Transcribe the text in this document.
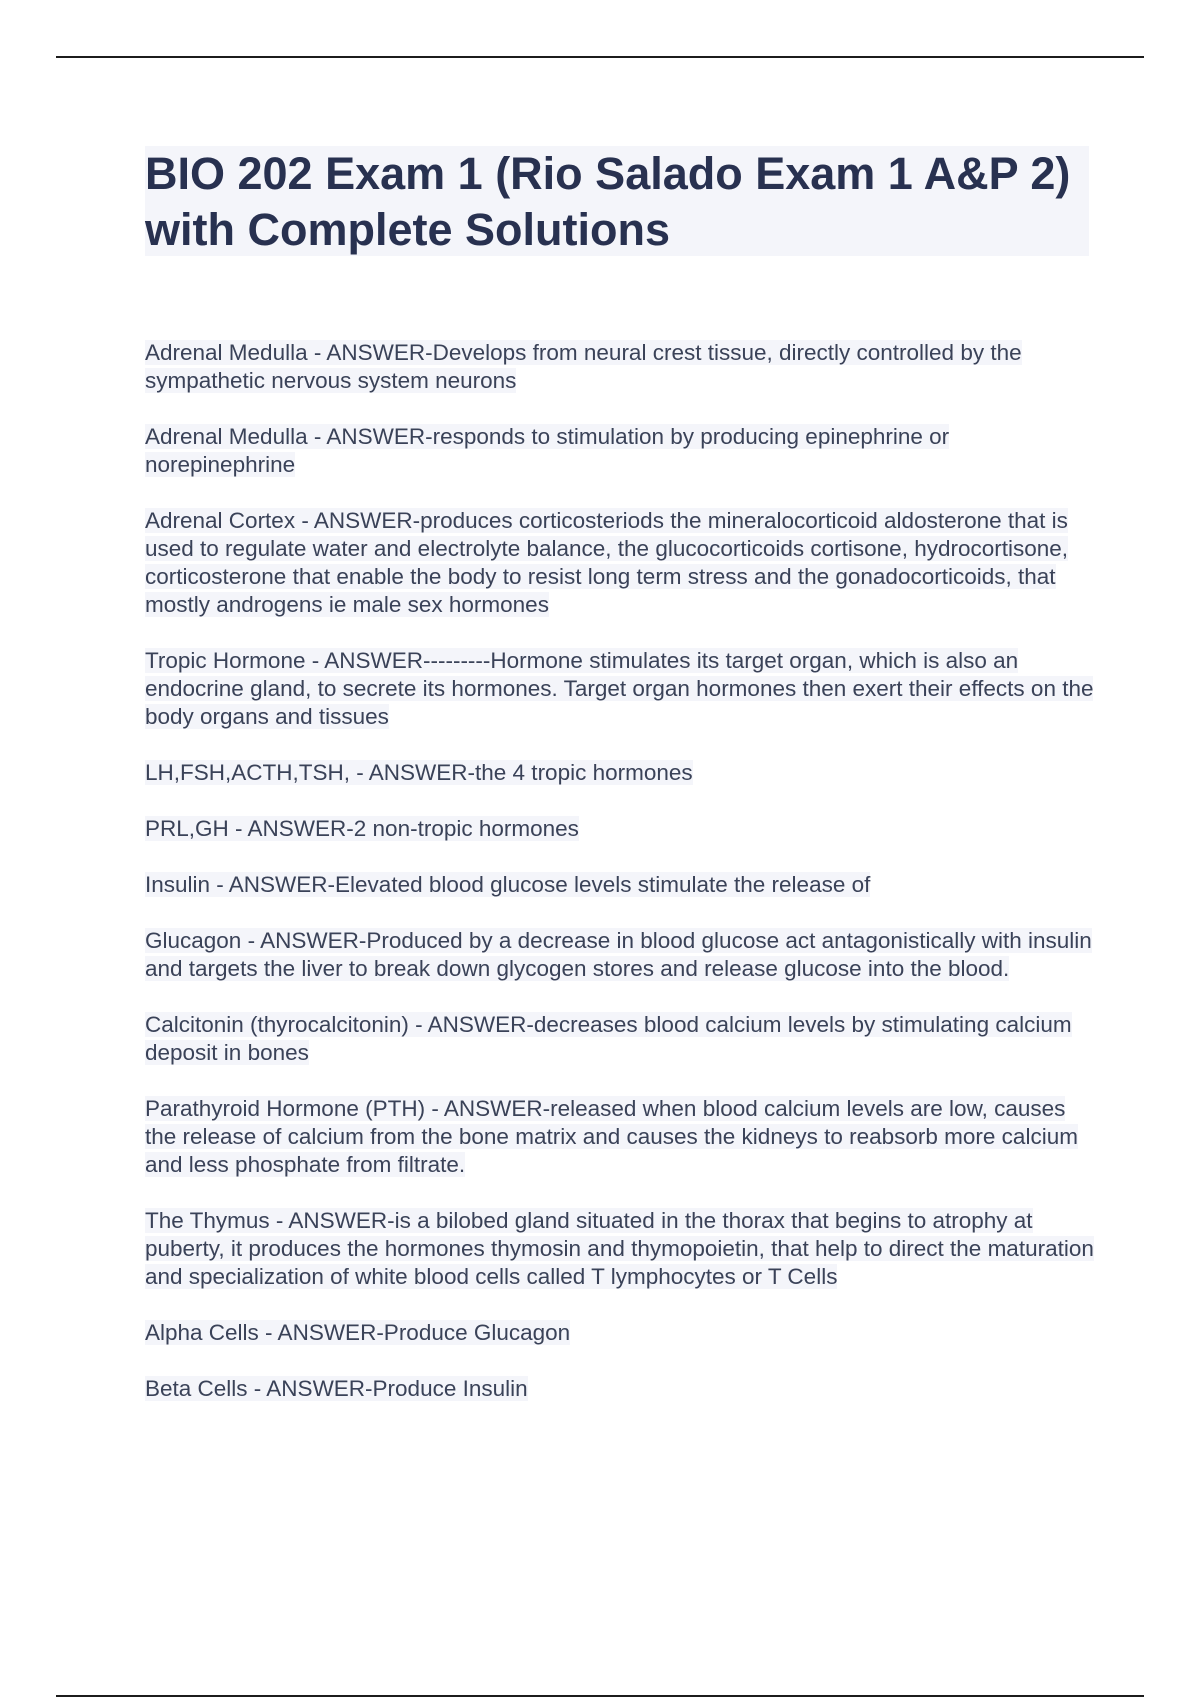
BIO 202 Exam 1 (Rio Salado Exam 1 A&P 2) with Complete Solutions

Adrenal Medulla - ANSWER-Develops from neural crest tissue, directly controlled by the sympathetic nervous system neurons

Adrenal Medulla - ANSWER-responds to stimulation by producing epinephrine or norepinephrine

Adrenal Cortex - ANSWER-produces corticosteriods the mineralocorticoid aldosterone that is used to regulate water and electrolyte balance, the glucocorticoids cortisone, hydrocortisone, corticosterone that enable the body to resist long term stress and the gonadocorticoids, that mostly androgens ie male sex hormones

Tropic Hormone - ANSWER---------Hormone stimulates its target organ, which is also an endocrine gland, to secrete its hormones. Target organ hormones then exert their effects on the body organs and tissues

LH,FSH,ACTH,TSH, - ANSWER-the 4 tropic hormones

PRL,GH - ANSWER-2 non-tropic hormones

Insulin - ANSWER-Elevated blood glucose levels stimulate the release of

Glucagon - ANSWER-Produced by a decrease in blood glucose act antagonistically with insulin and targets the liver to break down glycogen stores and release glucose into the blood.

Calcitonin (thyrocalcitonin) - ANSWER-decreases blood calcium levels by stimulating calcium deposit in bones

Parathyroid Hormone (PTH) - ANSWER-released when blood calcium levels are low, causes the release of calcium from the bone matrix and causes the kidneys to reabsorb more calcium and less phosphate from filtrate.

The Thymus - ANSWER-is a bilobed gland situated in the thorax that begins to atrophy at puberty, it produces the hormones thymosin and thymopoietin, that help to direct the maturation and specialization of white blood cells called T lymphocytes or T Cells

Alpha Cells - ANSWER-Produce Glucagon

Beta Cells - ANSWER-Produce Insulin
